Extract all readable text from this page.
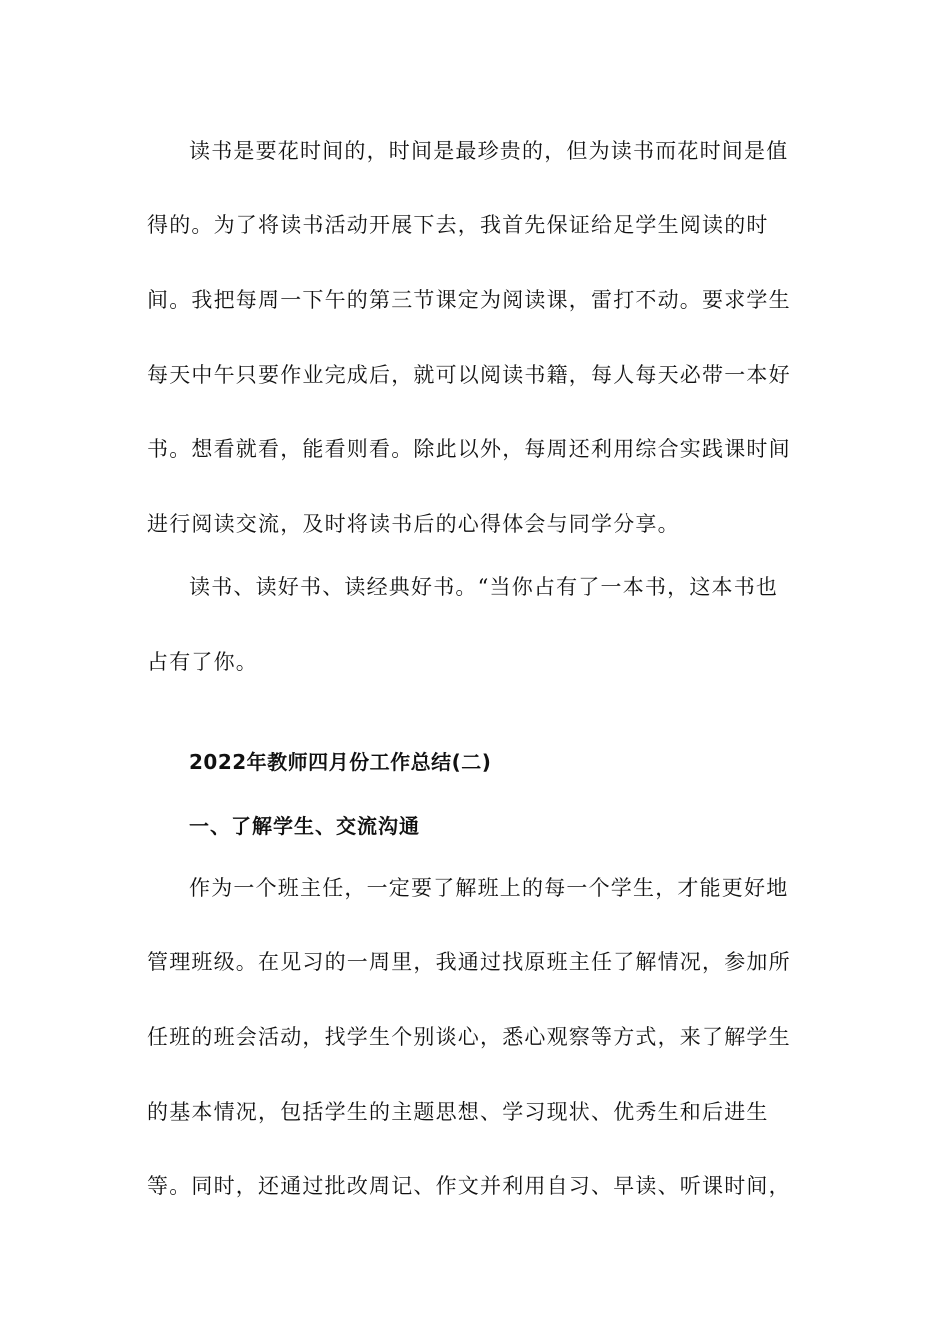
读书是要花时间的，时间是最珍贵的，但为读书而花时间是值
得的。为了将读书活动开展下去，我首先保证给足学生阅读的时
间。我把每周一下午的第三节课定为阅读课，雷打不动。要求学生
每天中午只要作业完成后，就可以阅读书籍，每人每天必带一本好
书。想看就看，能看则看。除此以外，每周还利用综合实践课时间
进行阅读交流，及时将读书后的心得体会与同学分享。
读书、读好书、读经典好书。“当你占有了一本书，这本书也
占有了你。
2022年教师四月份工作总结(二)
一、了解学生、交流沟通
作为一个班主任，一定要了解班上的每一个学生，才能更好地
管理班级。在见习的一周里，我通过找原班主任了解情况，参加所
任班的班会活动，找学生个别谈心，悉心观察等方式，来了解学生
的基本情况，包括学生的主题思想、学习现状、优秀生和后进生
等。同时，还通过批改周记、作文并利用自习、早读、听课时间，
